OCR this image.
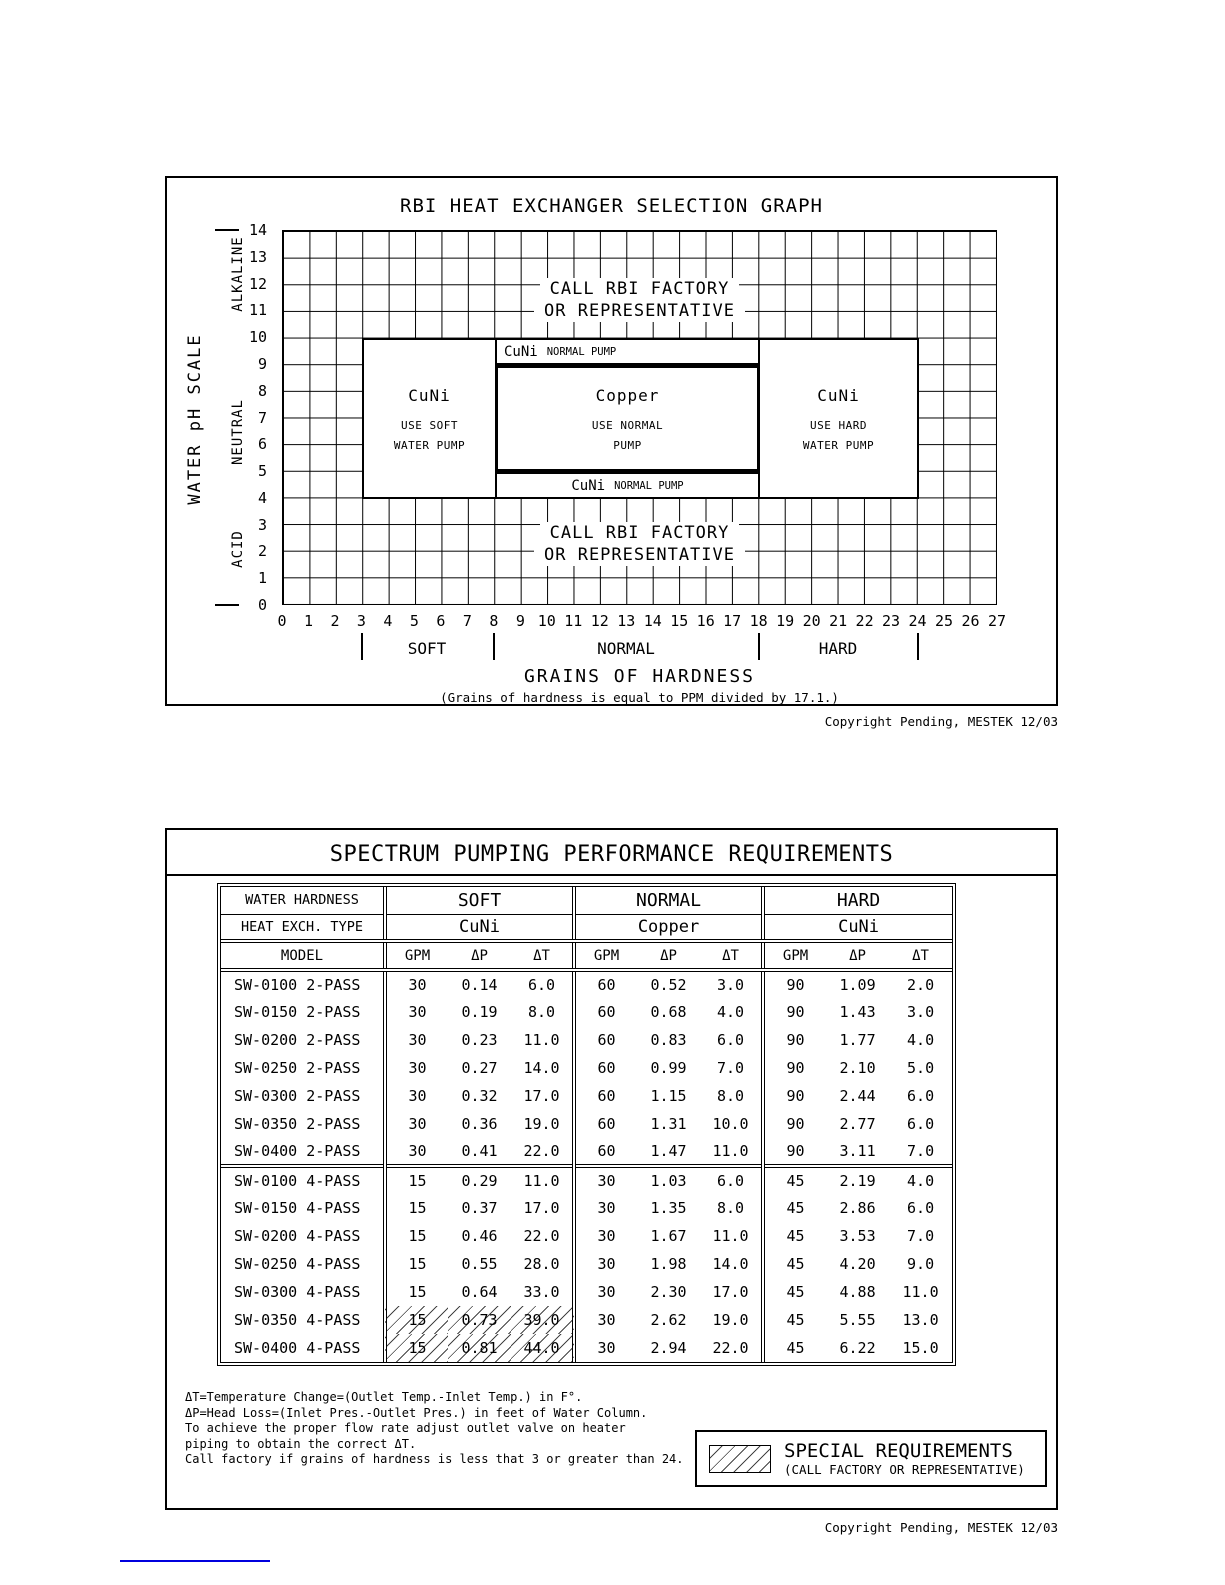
RBI HEAT EXCHANGER SELECTION GRAPH
WATER pH SCALE
ALKALINE
NEUTRAL
ACID
14
13
12
11
10
9
8
7
6
5
4
3
2
1
0
CALL RBI FACTORY
OR REPRESENTATIVE
CuNi
USE SOFT
WATER PUMP
CuNi NORMAL PUMP
Copper
USE NORMAL
PUMP
CuNi NORMAL PUMP
CuNi
USE HARD
WATER PUMP
CALL RBI FACTORY
OR REPRESENTATIVE
0	1	2	3	4	5	6	7	8	9 10 11 12 13 14 15 16 17 18 19 20 21 22 23 24 25 26 27
SOFT	NORMAL	HARD
GRAINS OF HARDNESS
(Grains of hardness is equal to PPM divided by 17.1.)
Copyright Pending, MESTEK 12/03
SPECTRUM PUMPING PERFORMANCE REQUIREMENTS
WATER HARDNESS	SOFT			NORMAL			HARD		
HEAT EXCH. TYPE	CuNi			Copper			CuNi		
MODEL	GPM	ΔP	ΔT	GPM	ΔP	ΔT	GPM	ΔP	ΔT
SW-0100 2-PASS	30	0.14	6.0	60	0.52	3.0	90	1.09	2.0
SW-0150 2-PASS	30	0.19	8.0	60	0.68	4.0	90	1.43	3.0
SW-0200 2-PASS	30	0.23	11.0	60	0.83	6.0	90	1.77	4.0
SW-0250 2-PASS	30	0.27	14.0	60	0.99	7.0	90	2.10	5.0
SW-0300 2-PASS	30	0.32	17.0	60	1.15	8.0	90	2.44	6.0
SW-0350 2-PASS	30	0.36	19.0	60	1.31	10.0	90	2.77	6.0
SW-0400 2-PASS	30	0.41	22.0	60	1.47	11.0	90	3.11	7.0
SW-0100 4-PASS	15	0.29	11.0	30	1.03	6.0	45	2.19	4.0
SW-0150 4-PASS	15	0.37	17.0	30	1.35	8.0	45	2.86	6.0
SW-0200 4-PASS	15	0.46	22.0	30	1.67	11.0	45	3.53	7.0
SW-0250 4-PASS	15	0.55	28.0	30	1.98	14.0	45	4.20	9.0
SW-0300 4-PASS	15	0.64	33.0	30	2.30	17.0	45	4.88	11.0
SW-0350 4-PASS	15	0.73	39.0	30	2.62	19.0	45	5.55	13.0
SW-0400 4-PASS	15	0.81	44.0	30	2.94	22.0	45	6.22	15.0
ΔT=Temperature Change=(Outlet Temp.-Inlet Temp.) in F°.
ΔP=Head Loss=(Inlet Pres.-Outlet Pres.) in feet of Water Column.
To achieve the proper flow rate adjust outlet valve on heater
piping to obtain the correct ΔT.
Call factory if grains of hardness is less that 3 or greater than 24.	SPECIAL REQUIREMENTS
(CALL FACTORY OR REPRESENTATIVE)
Copyright Pending, MESTEK 12/03
